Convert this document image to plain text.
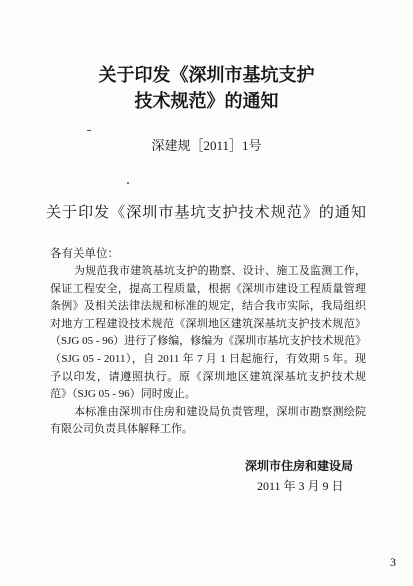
关于印发《深圳市基坑支护
技术规范》的通知
深建规［2011］1号
关于印发《深圳市基坑支护技术规范》的通知
各有关单位：
为规范我市建筑基坑支护的勘察、设计、施工及监测工作，
保证工程安全，提高工程质量，根据《深圳市建设工程质量管理
条例》及相关法律法规和标准的规定，结合我市实际，我局组织
对地方工程建设技术规范《深圳地区建筑深基坑支护技术规范》
（SJG 05 - 96）进行了修编，修编为《深圳市基坑支护技术规范》
（SJG 05 - 2011），自 2011 年 7 月 1 日起施行，有效期 5 年。现
予以印发，请遵照执行。原《深圳地区建筑深基坑支护技术规
范》（SJG 05 - 96）同时废止。
本标准由深圳市住房和建设局负责管理，深圳市勘察测绘院
有限公司负责具体解释工作。
深圳市住房和建设局
2011 年 3 月 9 日
3
